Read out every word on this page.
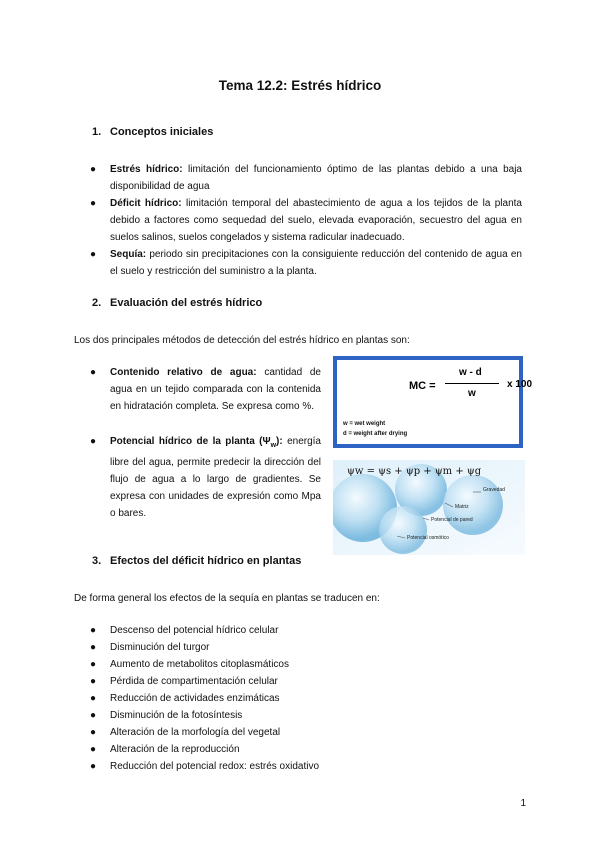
Tema 12.2: Estrés hídrico
1. Conceptos iniciales
● Estrés hídrico: limitación del funcionamiento óptimo de las plantas debido a una baja disponibilidad de agua
● Déficit hídrico: limitación temporal del abastecimiento de agua a los tejidos de la planta debido a factores como sequedad del suelo, elevada evaporación, secuestro del agua en suelos salinos, suelos congelados y sistema radicular inadecuado.
● Sequía: periodo sin precipitaciones con la consiguiente reducción del contenido de agua en el suelo y restricción del suministro a la planta.
2. Evaluación del estrés hídrico
Los dos principales métodos de detección del estrés hídrico en plantas son:
● Contenido relativo de agua: cantidad de agua en un tejido comparada con la contenida en hidratación completa. Se expresa como %.
● Potencial hídrico de la planta $(\Psi_w)$: energía libre del agua, permite predecir la dirección del flujo de agua a lo largo de gradientes. Se expresa con unidades de expresión como Mpa o bares.
MC =
w - d
w
x 100
w = wet weight
d = weight after drying
ψw = ψs + ψp + ψm + ψg
Gravedad
Matriz
Potencial de pared
Potencial osmótico
3. Efectos del déficit hídrico en plantas
De forma general los efectos de la sequía en plantas se traducen en:
● Descenso del potencial hídrico celular
● Disminución del turgor
● Aumento de metabolitos citoplasmáticos
● Pérdida de compartimentación celular
● Reducción de actividades enzimáticas
● Disminución de la fotosíntesis
● Alteración de la morfología del vegetal
● Alteración de la reproducción
● Reducción del potencial redox: estrés oxidativo
1
